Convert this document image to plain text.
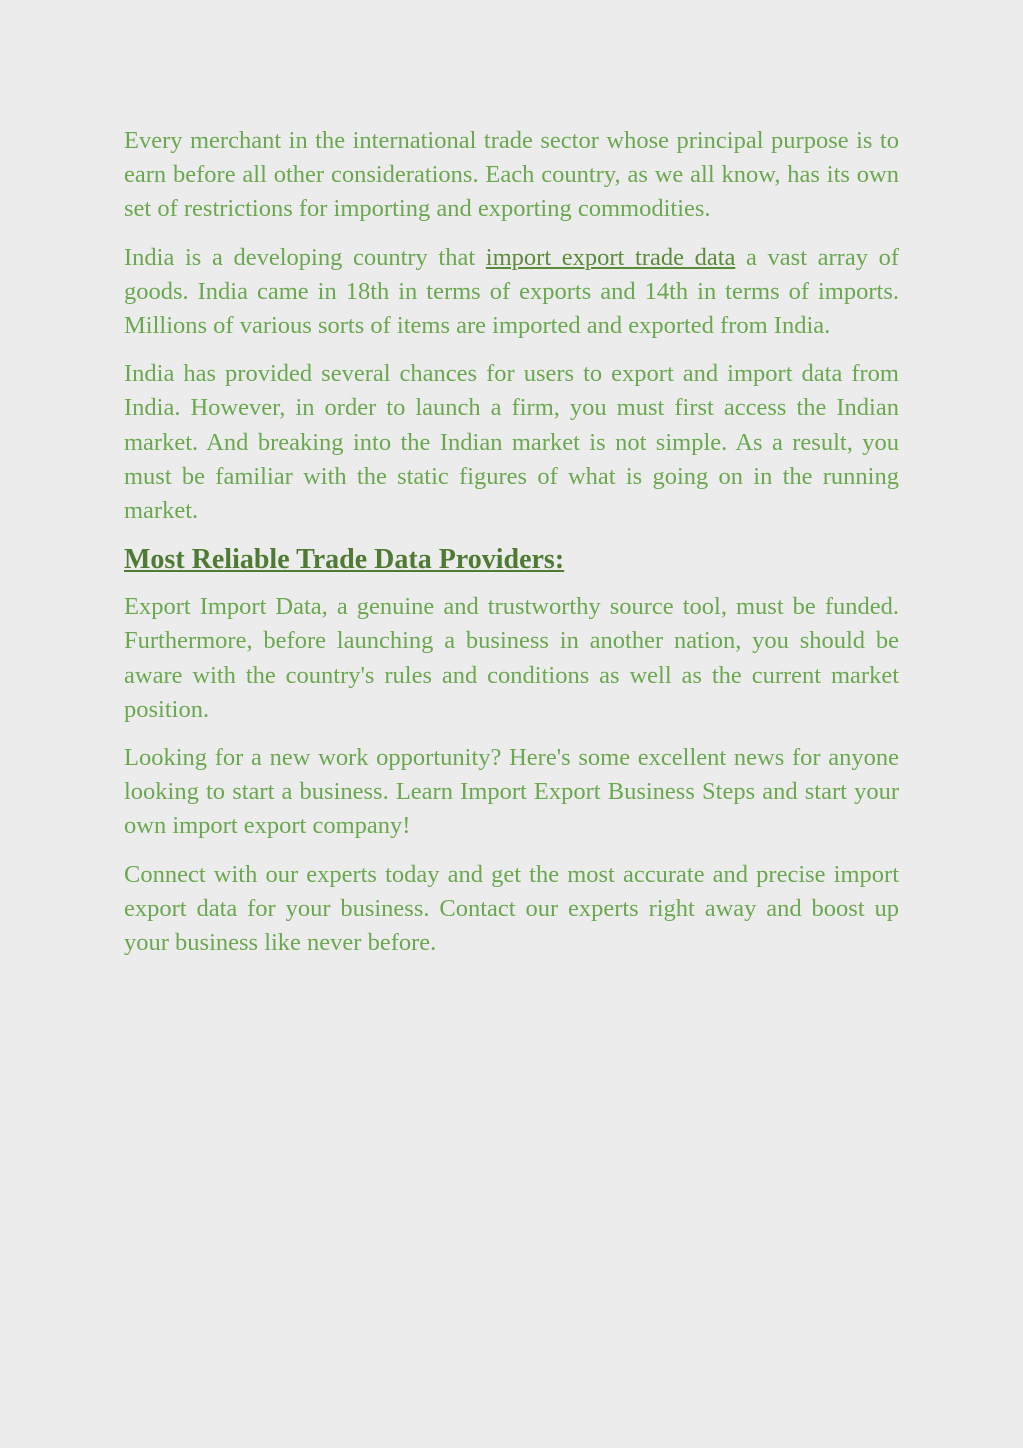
Every merchant in the international trade sector whose principal purpose is to earn before all other considerations. Each country, as we all know, has its own set of restrictions for importing and exporting commodities.

India is a developing country that import export trade data a vast array of goods. India came in 18th in terms of exports and 14th in terms of imports. Millions of various sorts of items are imported and exported from India.

India has provided several chances for users to export and import data from India. However, in order to launch a firm, you must first access the Indian market. And breaking into the Indian market is not simple. As a result, you must be familiar with the static figures of what is going on in the running market.

Most Reliable Trade Data Providers:

Export Import Data, a genuine and trustworthy source tool, must be funded. Furthermore, before launching a business in another nation, you should be aware with the country's rules and conditions as well as the current market position.

Looking for a new work opportunity? Here's some excellent news for anyone looking to start a business. Learn Import Export Business Steps and start your own import export company!

Connect with our experts today and get the most accurate and precise import export data for your business. Contact our experts right away and boost up your business like never before.
